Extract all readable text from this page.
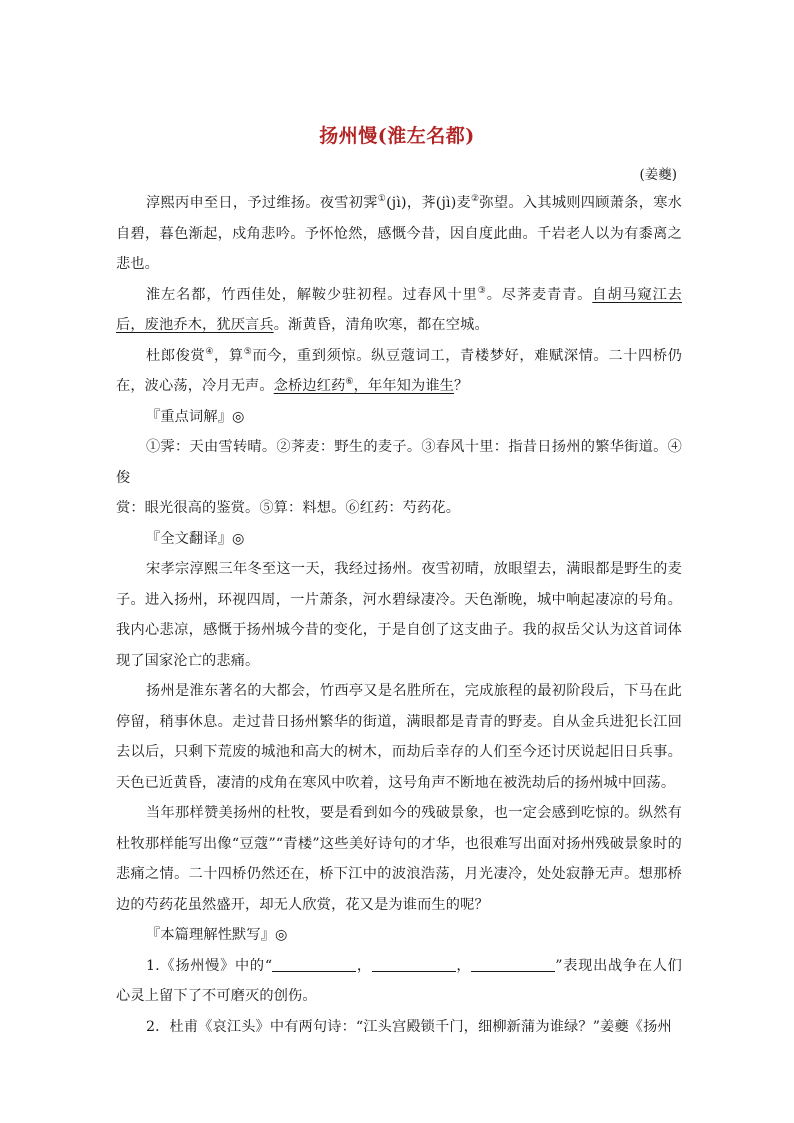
扬州慢(淮左名都)
(姜夔)

淳熙丙申至日，予过维扬。夜雪初霁①(jì)，荠(jì)麦②弥望。入其城则四顾萧条，寒水自碧，暮色渐起，戍角悲吟。予怀怆然，感慨今昔，因自度此曲。千岩老人以为有黍离之悲也。

淮左名都，竹西佳处，解鞍少驻初程。过春风十里③。尽荠麦青青。自胡马窥江去后，废池乔木，犹厌言兵。渐黄昏，清角吹寒，都在空城。

杜郎俊赏④，算⑤而今，重到须惊。纵豆蔻词工，青楼梦好，难赋深情。二十四桥仍在，波心荡，冷月无声。念桥边红药⑥，年年知为谁生？

『重点词解』◎

①霁：天由雪转晴。②荠麦：野生的麦子。③春风十里：指昔日扬州的繁华街道。④俊

赏：眼光很高的鉴赏。⑤算：料想。⑥红药：芍药花。

『全文翻译』◎

宋孝宗淳熙三年冬至这一天，我经过扬州。夜雪初晴，放眼望去，满眼都是野生的麦子。进入扬州，环视四周，一片萧条，河水碧绿凄冷。天色渐晚，城中响起凄凉的号角。我内心悲凉，感慨于扬州城今昔的变化，于是自创了这支曲子。我的叔岳父认为这首词体现了国家沦亡的悲痛。

扬州是淮东著名的大都会，竹西亭又是名胜所在，完成旅程的最初阶段后，下马在此停留，稍事休息。走过昔日扬州繁华的街道，满眼都是青青的野麦。自从金兵进犯长江回去以后，只剩下荒废的城池和高大的树木，而劫后幸存的人们至今还讨厌说起旧日兵事。天色已近黄昏，凄清的戍角在寒风中吹着，这号角声不断地在被洗劫后的扬州城中回荡。

当年那样赞美扬州的杜牧，要是看到如今的残破景象，也一定会感到吃惊的。纵然有杜牧那样能写出像“豆蔻”“青楼”这些美好诗句的才华，也很难写出面对扬州残破景象时的悲痛之情。二十四桥仍然还在，桥下江中的波浪浩荡，月光凄冷，处处寂静无声。想那桥边的芍药花虽然盛开，却无人欣赏，花又是为谁而生的呢？

『本篇理解性默写』◎

1.《扬州慢》中的“	，	，	”表现出战争在人们心灵上留下了不可磨灭的创伤。

2．杜甫《哀江头》中有两句诗：“江头宫殿锁千门，细柳新蒲为谁绿？”姜夔《扬州
